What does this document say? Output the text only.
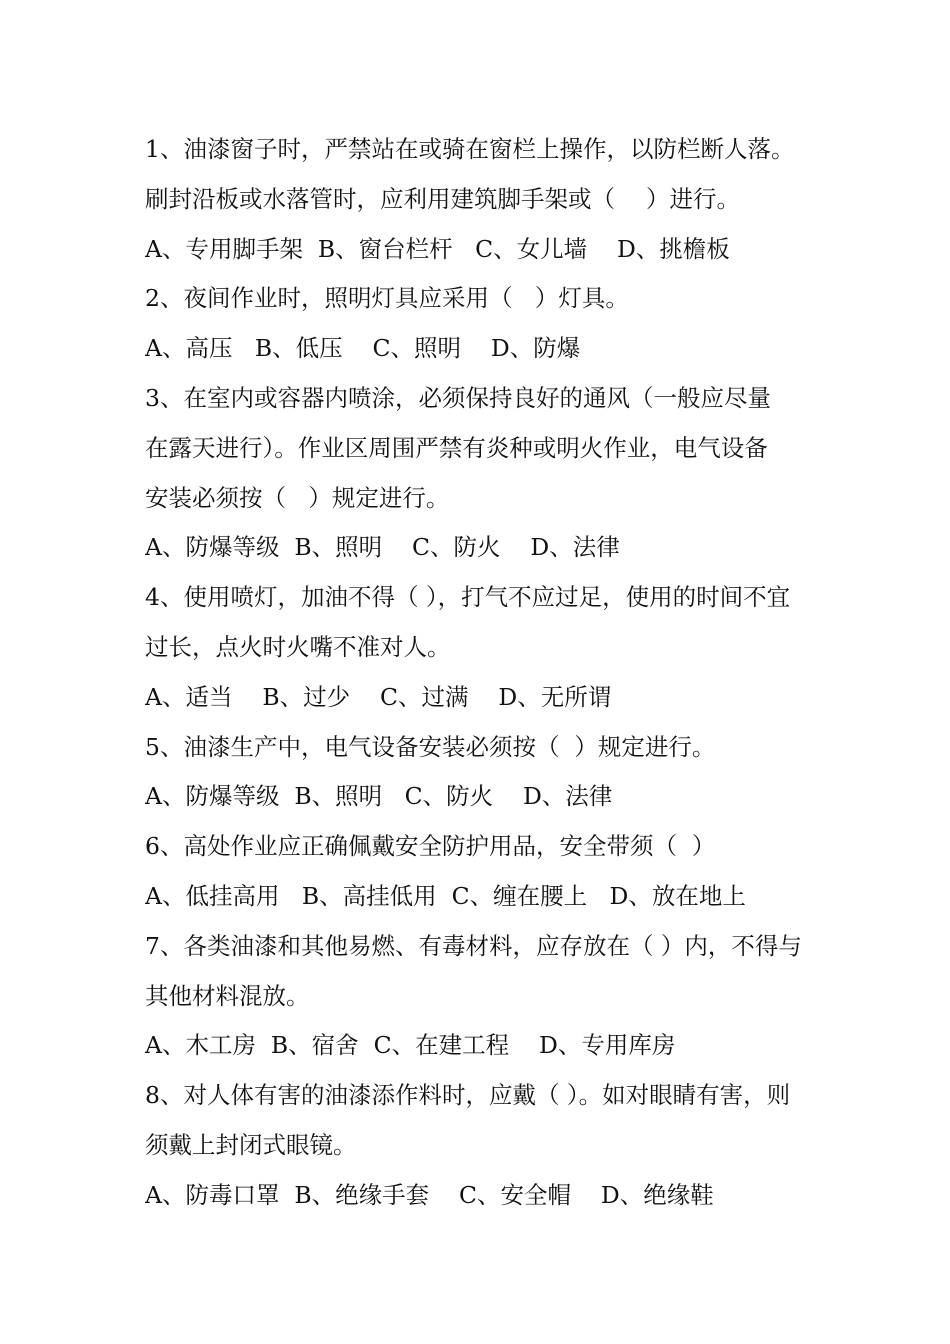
1、油漆窗子时，严禁站在或骑在窗栏上操作，以防栏断人落。
刷封沿板或水落管时，应利用建筑脚手架或（　 ）进行。
A、专用脚手架  B、窗台栏杆   C、女儿墙    D、挑檐板
2、夜间作业时，照明灯具应采用（   ）灯具。
A、高压   B、低压    C、照明    D、防爆
3、在室内或容器内喷涂，必须保持良好的通风（一般应尽量
在露天进行）。作业区周围严禁有炎种或明火作业，电气设备
安装必须按（   ）规定进行。
A、防爆等级  B、照明    C、防火    D、法律
4、使用喷灯，加油不得（ ），打气不应过足，使用的时间不宜
过长，点火时火嘴不准对人。
A、适当    B、过少    C、过满    D、无所谓
5、油漆生产中，电气设备安装必须按（  ）规定进行。
A、防爆等级  B、照明   C、防火    D、法律
6、高处作业应正确佩戴安全防护用品，安全带须（  ）
A、低挂高用   B、高挂低用  C、缠在腰上   D、放在地上
7、各类油漆和其他易燃、有毒材料，应存放在（ ）内，不得与
其他材料混放。
A、木工房  B、宿舍  C、在建工程    D、专用库房
8、对人体有害的油漆添作料时，应戴（ ）。如对眼睛有害，则
须戴上封闭式眼镜。
A、防毒口罩  B、绝缘手套    C、安全帽    D、绝缘鞋
